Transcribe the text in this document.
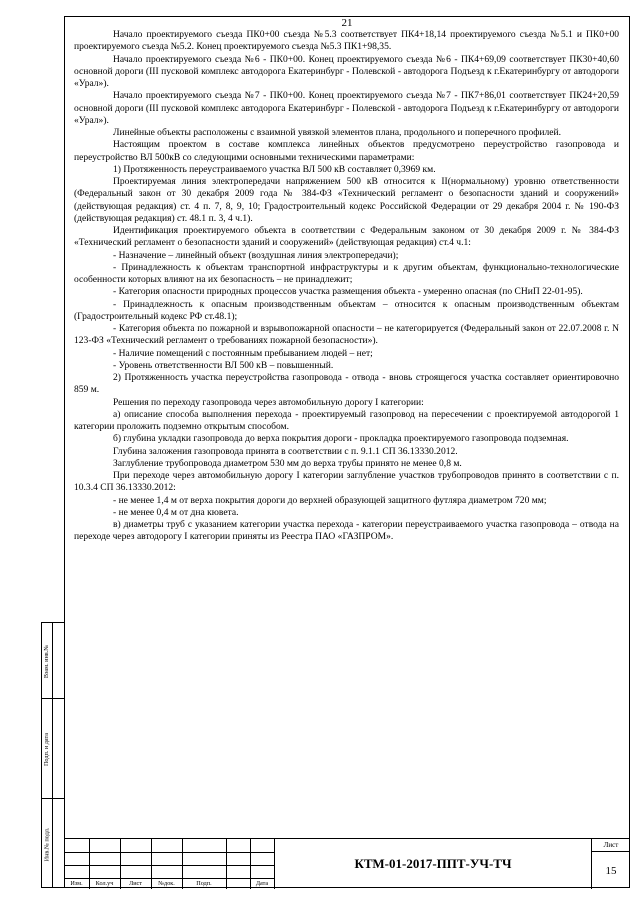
21

Начало проектируемого съезда ПК0+00 съезда №5.3 соответствует ПК4+18,14 проектируемого съезда №5.1 и ПК0+00 проектируемого съезда №5.2. Конец проектируемого съезда №5.3 ПК1+98,35.

Начало проектируемого съезда №6 - ПК0+00. Конец проектируемого съезда №6 - ПК4+69,09 соответствует ПК30+40,60 основной дороги (III пусковой комплекс автодорога Екатеринбург - Полевской - автодорога Подъезд к г.Екатеринбургу от автодороги «Урал»).

Начало проектируемого съезда №7 - ПК0+00. Конец проектируемого съезда №7 - ПК7+86,01 соответствует ПК24+20,59 основной дороги (III пусковой комплекс автодорога Екатеринбург - Полевской - автодорога Подъезд к г.Екатеринбургу от автодороги «Урал»).

Линейные объекты расположены с взаимной увязкой элементов плана, продольного и поперечного профилей.

Настоящим проектом в составе комплекса линейных объектов предусмотрено переустройство газопровода и переустройство ВЛ 500кВ со следующими основными техническими параметрами:

1) Протяженность переустраиваемого участка ВЛ 500 кВ составляет 0,3969 км.

Проектируемая линия электропередачи напряжением 500 кВ относится к II(нормальному) уровню ответственности (Федеральный закон от 30 декабря 2009 года № 384-ФЗ «Технический регламент о безопасности зданий и сооружений» (действующая редакция) ст. 4 п. 7, 8, 9, 10; Градостроительный кодекс Российской Федерации от 29 декабря 2004 г. № 190-ФЗ (действующая редакция) ст. 48.1 п. 3, 4 ч.1).

Идентификация проектируемого объекта в соответствии с Федеральным законом от 30 декабря 2009 г. № 384-ФЗ «Технический регламент о безопасности зданий и сооружений» (действующая редакция) ст.4 ч.1:

- Назначение – линейный объект (воздушная линия электропередачи);

- Принадлежность к объектам транспортной инфраструктуры и к другим объектам, функционально-технологические особенности которых влияют на их безопасность – не принадлежит;

- Категория опасности природных процессов участка размещения объекта - умеренно опасная (по СНиП 22-01-95).

- Принадлежность к опасным производственным объектам – относится к опасным производственным объектам (Градостроительный кодекс РФ ст.48.1);

- Категория объекта по пожарной и взрывопожарной опасности – не категорируется (Федеральный закон от 22.07.2008 г. N 123-ФЗ «Технический регламент о требованиях пожарной безопасности»).

- Наличие помещений с постоянным пребыванием людей – нет;

- Уровень ответственности ВЛ 500 кВ – повышенный.

2) Протяженность участка переустройства газопровода - отвода - вновь строящегося участка составляет ориентировочно 859 м.

Решения по переходу газопровода через автомобильную дорогу I категории:

а) описание способа выполнения перехода - проектируемый газопровод на пересечении с проектируемой автодорогой 1 категории проложить подземно открытым способом.

б) глубина укладки газопровода до верха покрытия дороги - прокладка проектируемого газопровода подземная.

Глубина заложения газопровода принята в соответствии с п. 9.1.1 СП 36.13330.2012.

Заглубление трубопровода диаметром 530 мм до верха трубы принято не менее 0,8 м.

При переходе через автомобильную дорогу I категории заглубление участков трубопроводов принято в соответствии с п. 10.3.4 СП 36.13330.2012:

- не менее 1,4 м от верха покрытия дороги до верхней образующей защитного футляра диаметром 720 мм;

- не менее 0,4 м от дна кювета.

в) диаметры труб с указанием категории участка перехода - категории переустраиваемого участка газопровода – отвода на переходе через автодорогу I категории приняты из Реестра ПАО «ГАЗПРОМ».

Взам. инв.№
Подп. и дата
Инв.№ подл.
Изм.	Кол.уч	Лист	№док.	Подп.	Дата
КТМ-01-2017-ППТ-УЧ-ТЧ
Лист
15
